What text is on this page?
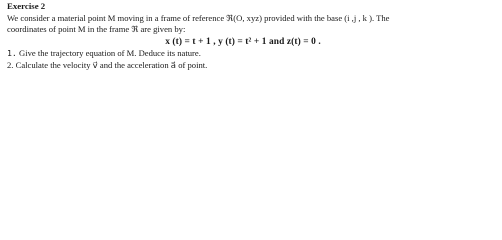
Exercise 2
We consider a material point M moving in a frame of reference ℜ(O, xyz) provided with the base (i ,j , k ). The
coordinates of point M in the frame ℜ are given by:
x (t) = t + 1 , y (t) = t² + 1 and z(t) = 0 .
1. Give the trajectory equation of M. Deduce its nature.
2. Calculate the velocity v⃗ and the acceleration a⃗ of point.
